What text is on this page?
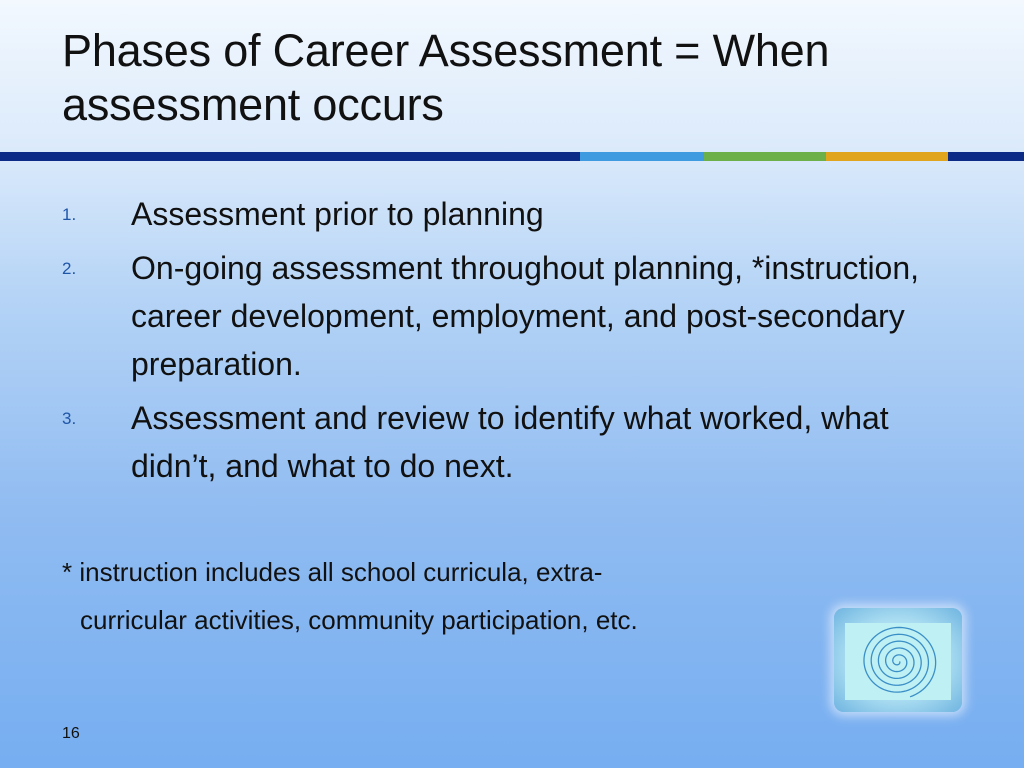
Phases of Career Assessment = When assessment occurs
1. Assessment prior to planning
2. On-going assessment throughout planning, *instruction, career development, employment, and post-secondary preparation.
3. Assessment and review to identify what worked, what didn’t, and what to do next.
* instruction includes all school curricula, extra-
curricular activities, community participation, etc.
16
